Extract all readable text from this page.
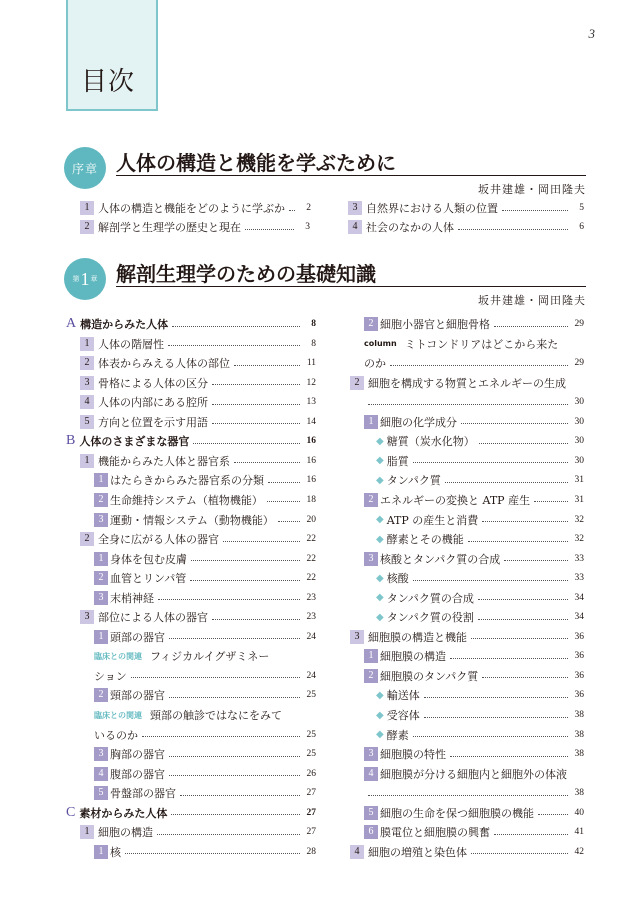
3
目次
序章 人体の構造と機能を学ぶために
坂井建雄・岡田隆夫
1 人体の構造と機能をどのように学ぶか	2
2 解剖学と生理学の歴史と現在	3
3 自然界における人類の位置	5
4 社会のなかの人体	6
第 1 章 解剖生理学のための基礎知識
坂井建雄・岡田隆夫
A 構造からみた人体	8
1 人体の階層性	8
2 体表からみえる人体の部位	11
3 骨格による人体の区分	12
4 人体の内部にある腔所	13
5 方向と位置を示す用語	14
B 人体のさまざまな器官	16
1 機能からみた人体と器官系	16
1 はたらきからみた器官系の分類	16
2 生命維持システム（植物機能）	18
3 運動・情報システム（動物機能）	20
2 全身に広がる人体の器官	22
1 身体を包む皮膚	22
2 血管とリンパ管	22
3 末梢神経	23
3 部位による人体の器官	23
1 頭部の器官	24
臨床との関連 フィジカルイグザミネー
ション	24
2 頸部の器官	25
臨床との関連 頸部の触診ではなにをみて
いるのか	25
3 胸部の器官	25
4 腹部の器官	26
5 骨盤部の器官	27
C 素材からみた人体	27
1 細胞の構造	27
1 核	28
2 細胞小器官と細胞骨格	29
column ミトコンドリアはどこから来た
のか	29
2 細胞を構成する物質とエネルギーの生成
30
1 細胞の化学成分	30
◆ 糖質（炭水化物）	30
◆ 脂質	30
◆ タンパク質	31
2 エネルギーの変換と ATP 産生	31
◆ ATP の産生と消費	32
◆ 酵素とその機能	32
3 核酸とタンパク質の合成	33
◆ 核酸	33
◆ タンパク質の合成	34
◆ タンパク質の役割	34
3 細胞膜の構造と機能	36
1 細胞膜の構造	36
2 細胞膜のタンパク質	36
◆ 輸送体	36
◆ 受容体	38
◆ 酵素	38
3 細胞膜の特性	38
4 細胞膜が分ける細胞内と細胞外の体液
38
5 細胞の生命を保つ細胞膜の機能	40
6 膜電位と細胞膜の興奮	41
4 細胞の増殖と染色体	42
